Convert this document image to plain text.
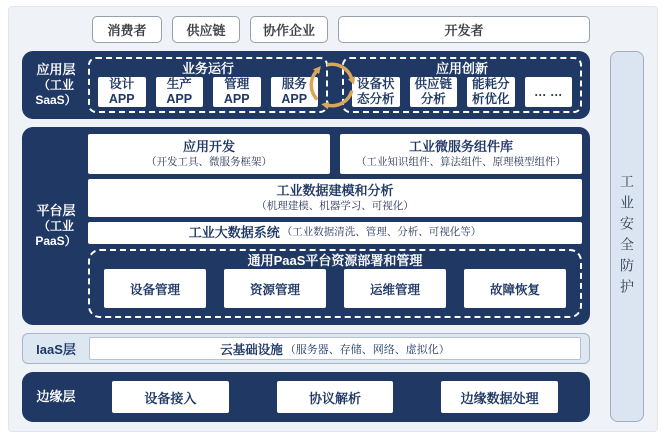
消费者	供应链	协作企业	开发者
应用层
（工业SaaS）
业务运行
设计
APP
生产
APP
管理
APP
服务
APP
应用创新
设备状
态分析
供应链
分析
能耗分
析优化
… …
平台层
（工业PaaS）
应用开发
（开发工具、微服务框架）
工业微服务组件库
（工业知识组件、算法组件、原理模型组件）
工业数据建模和分析
（机理建模、机器学习、可视化）
工业大数据系统 （工业数据清洗、管理、分析、可视化等）
通用PaaS平台资源部署和管理
设备管理	资源管理	运维管理	故障恢复
IaaS层	云基础设施 （服务器、存储、网络、虚拟化）
边缘层	设备接入	协议解析	边缘数据处理
工业安全防护
